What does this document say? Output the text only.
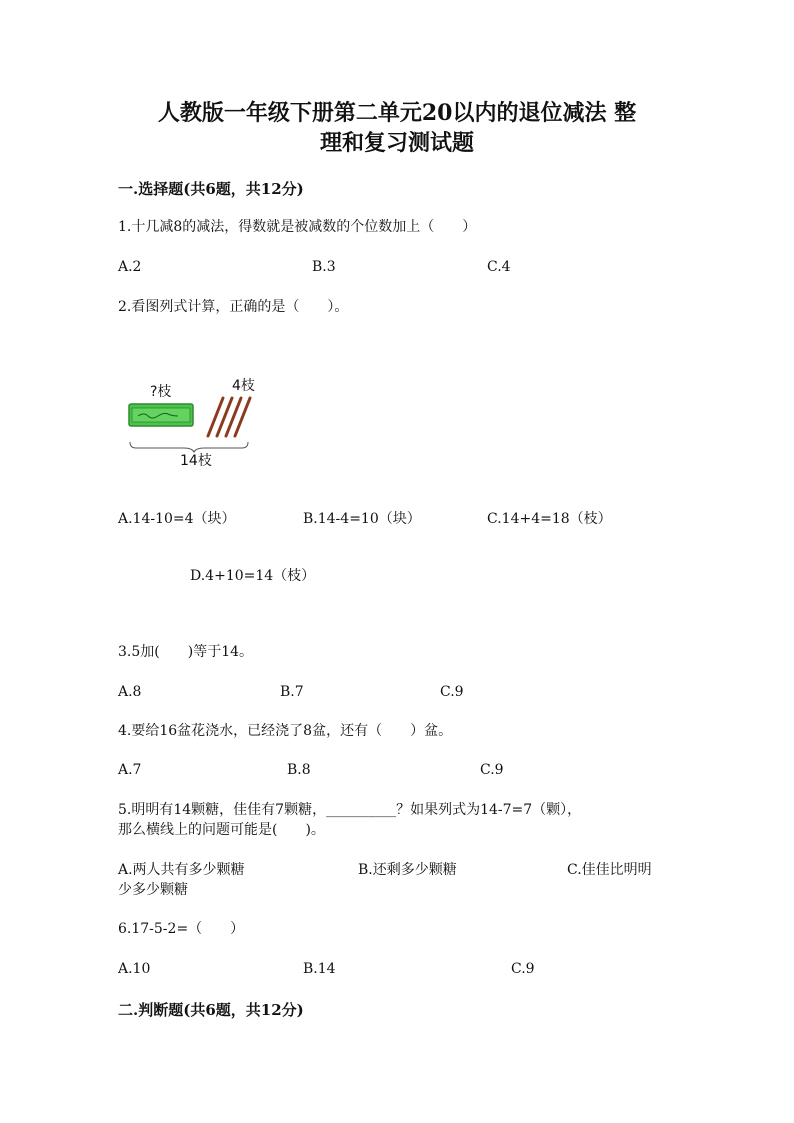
人教版一年级下册第二单元20以内的退位减法 整
理和复习测试题
一.选择题(共6题，共12分)
1.十几减8的减法，得数就是被减数的个位数加上（　　）
A.2	B.3	C.4
2.看图列式计算，正确的是（　　）。
?枝	4枝
14枝
A.14-10=4（块）	B.14-4=10（块）	C.14+4=18（枝）
D.4+10=14（枝）
3.5加(　　)等于14。
A.8	B.7	C.9
4.要给16盆花浇水，已经浇了8盆，还有（　　）盆。
A.7	B.8	C.9
5.明明有14颗糖，佳佳有7颗糖，__________？如果列式为14-7=7（颗），
那么横线上的问题可能是(　　)。
A.两人共有多少颗糖	B.还剩多少颗糖	C.佳佳比明明
少多少颗糖
6.17-5-2=（　　）
A.10	B.14	C.9
二.判断题(共6题，共12分)
